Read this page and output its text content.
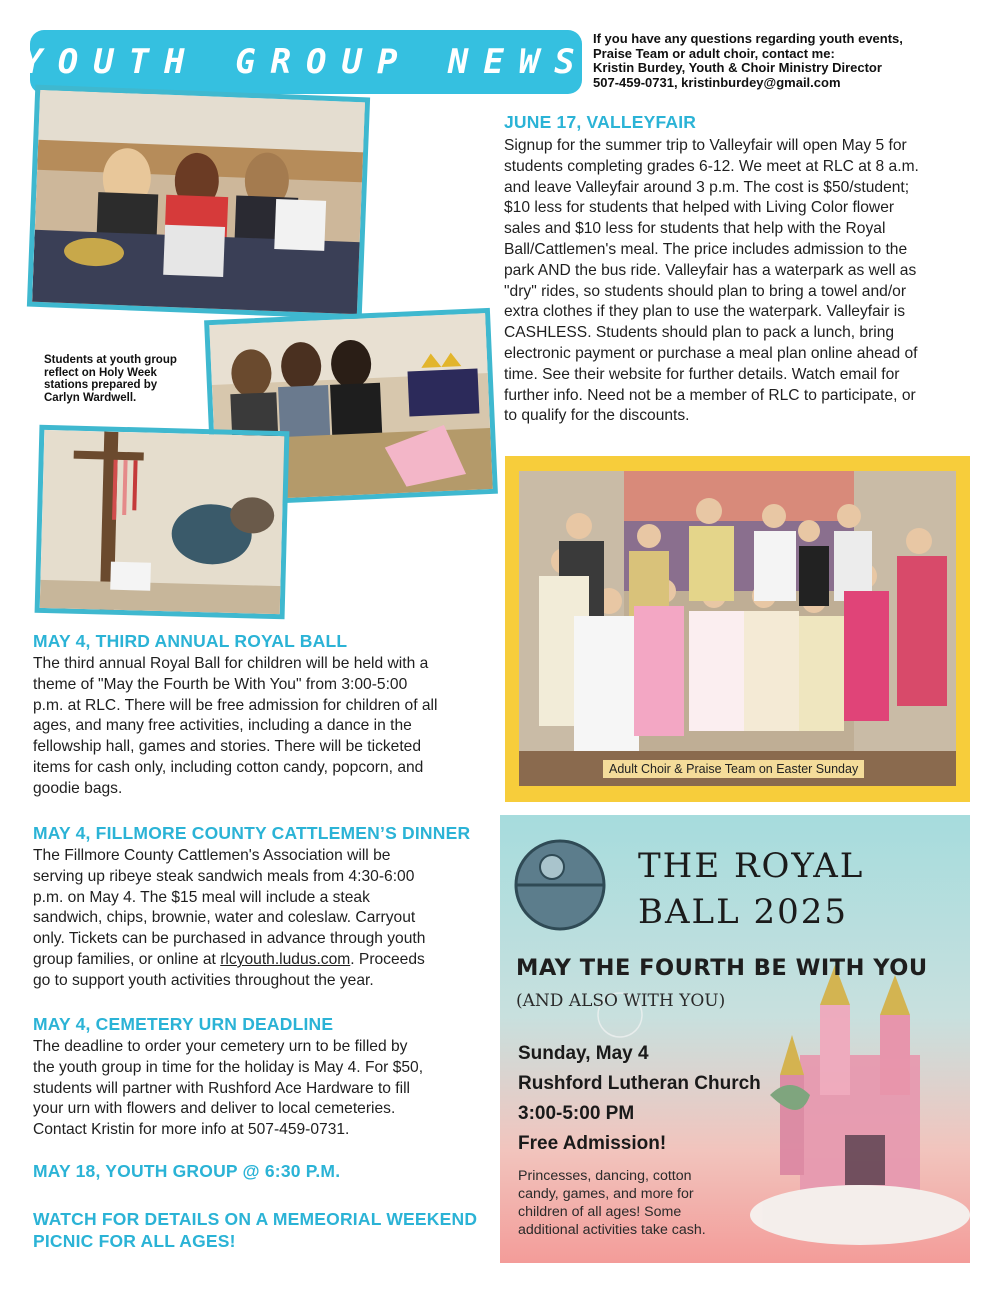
YOUTH GROUP NEWS
If you have any questions regarding youth events,
Praise Team or adult choir, contact me:
Kristin Burdey, Youth & Choir Ministry Director
507-459-0731, kristinburdey@gmail.com
Students at youth group
reflect on Holy Week
stations prepared by
Carlyn Wardwell.
JUNE 17, VALLEYFAIR
Signup for the summer trip to Valleyfair will open May 5 for
students completing grades 6-12. We meet at RLC at 8 a.m.
and leave Valleyfair around 3 p.m. The cost is $50/student;
$10 less for students that helped with Living Color flower
sales and $10 less for students that help with the Royal
Ball/Cattlemen's meal. The price includes admission to the
park AND the bus ride. Valleyfair has a waterpark as well as
"dry" rides, so students should plan to bring a towel and/or
extra clothes if they plan to use the waterpark. Valleyfair is
CASHLESS. Students should plan to pack a lunch, bring
electronic payment or purchase a meal plan online ahead of
time. See their website for further details. Watch email for
further info. Need not be a member of RLC to participate, or
to qualify for the discounts.
Adult Choir & Praise Team on Easter Sunday
MAY 4, THIRD ANNUAL ROYAL BALL
The third annual Royal Ball for children will be held with a
theme of "May the Fourth be With You" from 3:00-5:00
p.m. at RLC. There will be free admission for children of all
ages, and many free activities, including a dance in the
fellowship hall, games and stories. There will be ticketed
items for cash only, including cotton candy, popcorn, and
goodie bags.
MAY 4, FILLMORE COUNTY CATTLEMEN’S DINNER
The Fillmore County Cattlemen's Association will be
serving up ribeye steak sandwich meals from 4:30-6:00
p.m. on May 4. The $15 meal will include a steak
sandwich, chips, brownie, water and coleslaw. Carryout
only. Tickets can be purchased in advance through youth
group families, or online at rlcyouth.ludus.com. Proceeds
go to support youth activities throughout the year.
MAY 4, CEMETERY URN DEADLINE
The deadline to order your cemetery urn to be filled by
the youth group in time for the holiday is May 4. For $50,
students will partner with Rushford Ace Hardware to fill
your urn with flowers and deliver to local cemeteries.
Contact Kristin for more info at 507-459-0731.
MAY 18, YOUTH GROUP @ 6:30 P.M.
WATCH FOR DETAILS ON A MEMEORIAL WEEKEND
PICNIC FOR ALL AGES!
THE ROYAL
BALL 2025
MAY THE FOURTH BE WITH YOU
(AND ALSO WITH YOU)
Sunday, May 4
Rushford Lutheran Church
3:00-5:00 PM
Free Admission!
Princesses, dancing, cotton
candy, games, and more for
children of all ages! Some
additional activities take cash.
